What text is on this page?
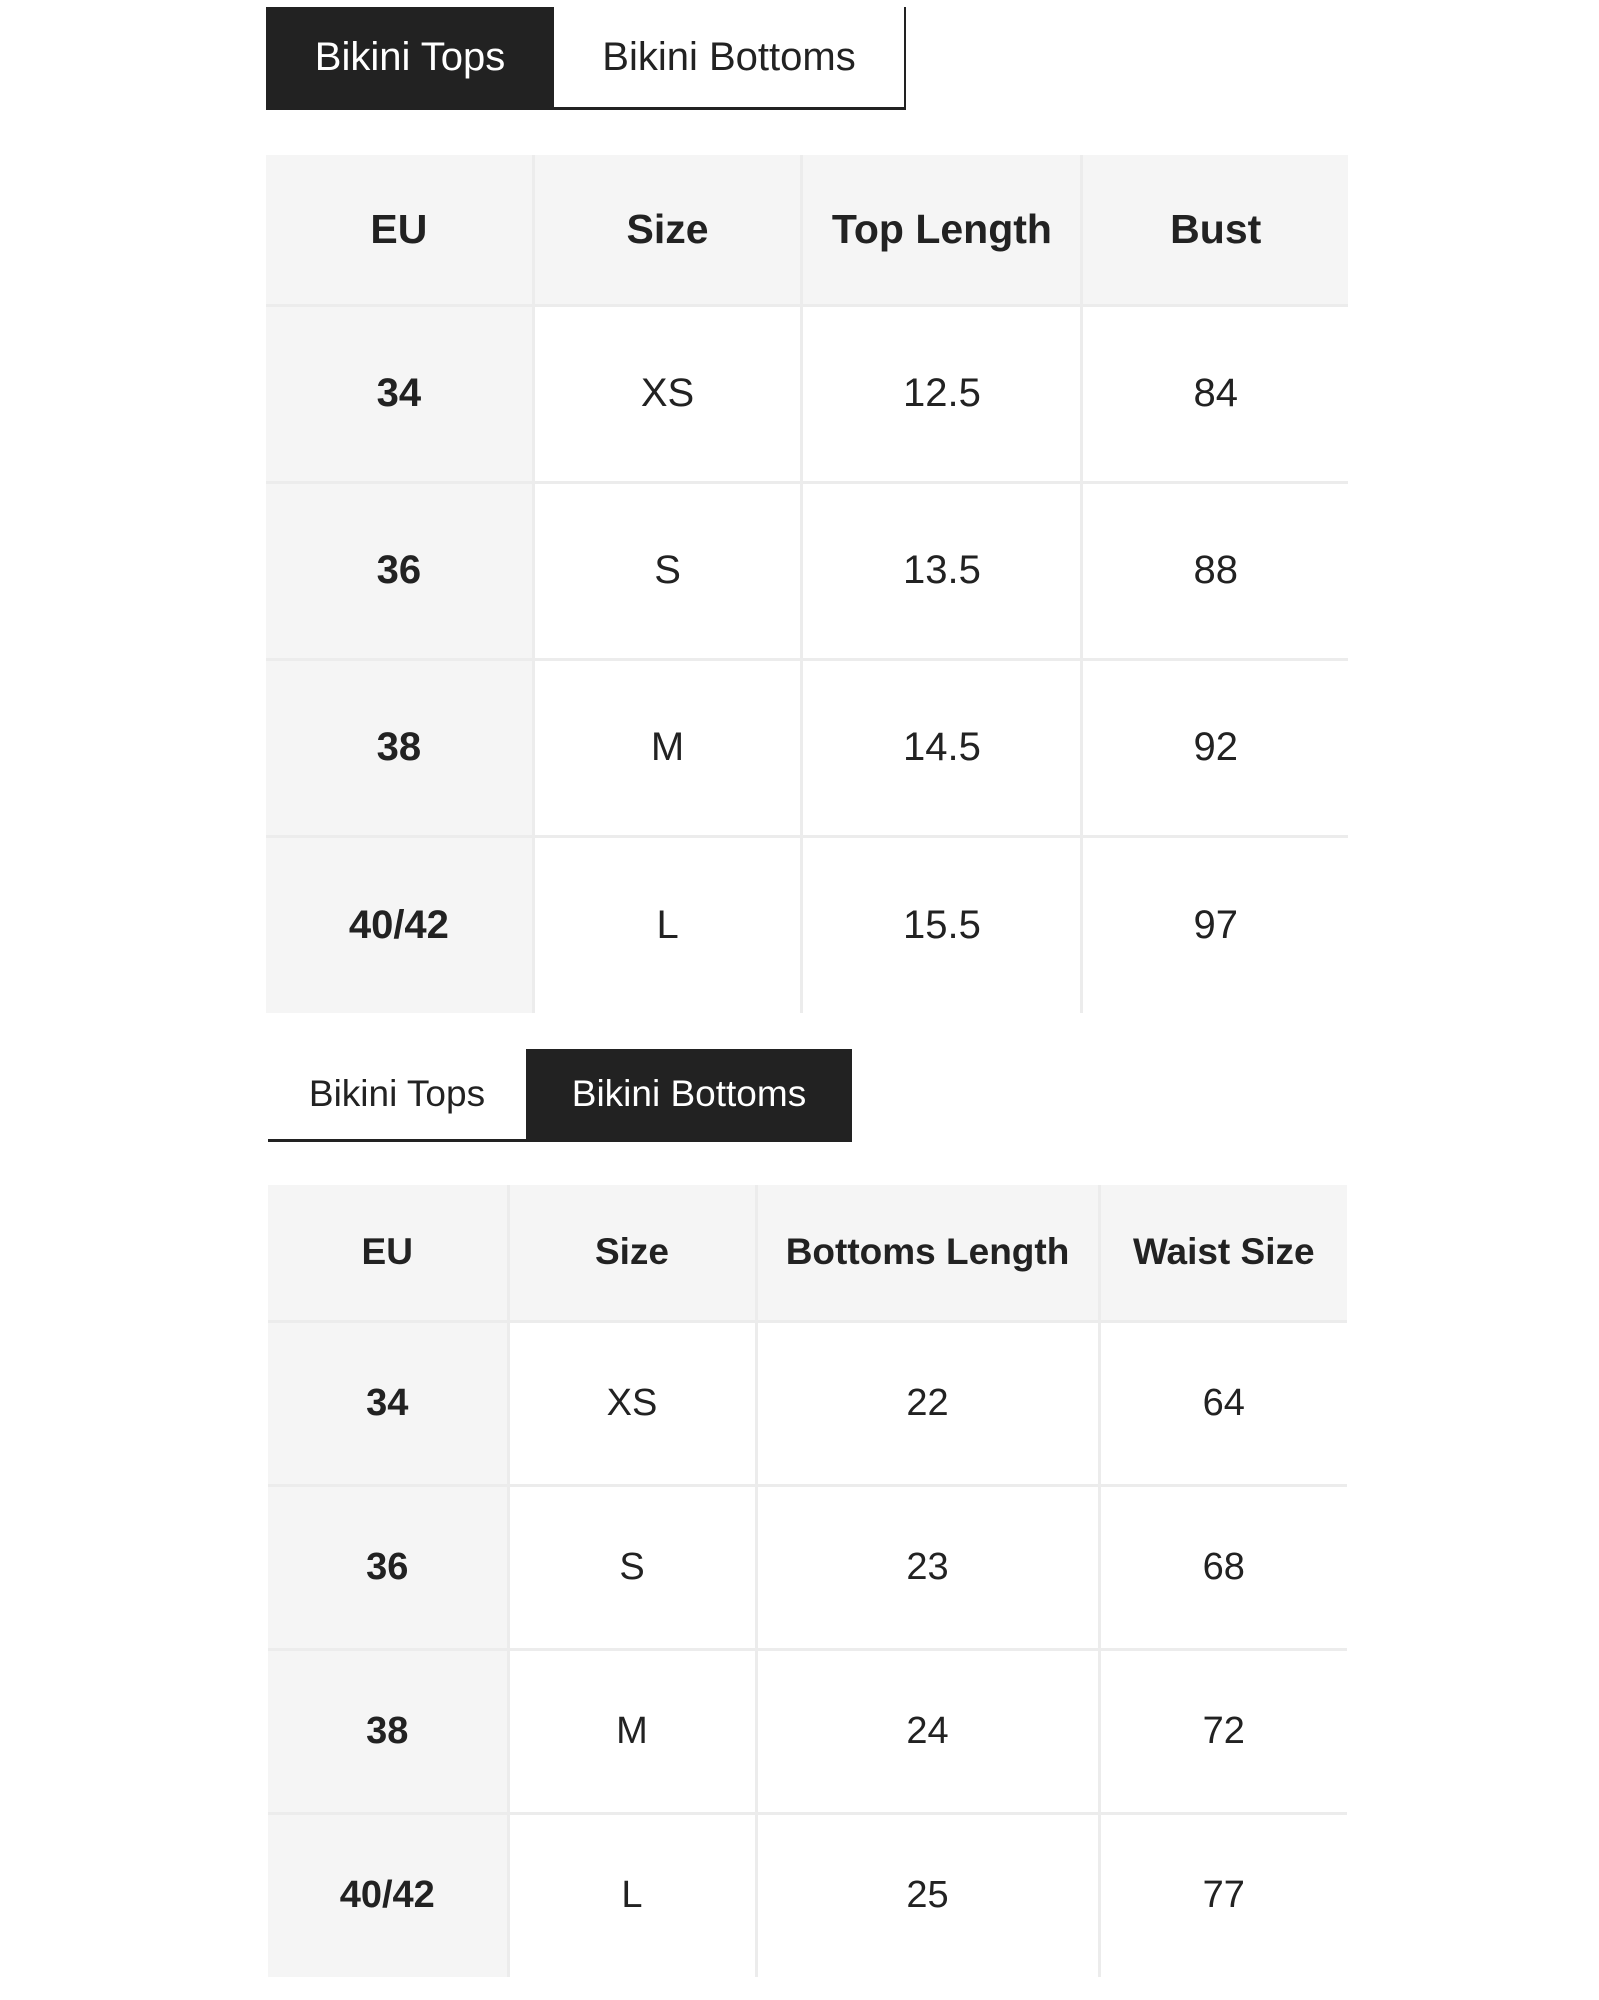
Bikini Tops	Bikini Bottoms
EU	Size	Top Length	Bust
34	XS	12.5	84
36	S	13.5	88
38	M	14.5	92
40/42	L	15.5	97
Bikini Tops	Bikini Bottoms
EU	Size	Bottoms Length	Waist Size
34	XS	22	64
36	S	23	68
38	M	24	72
40/42	L	25	77
